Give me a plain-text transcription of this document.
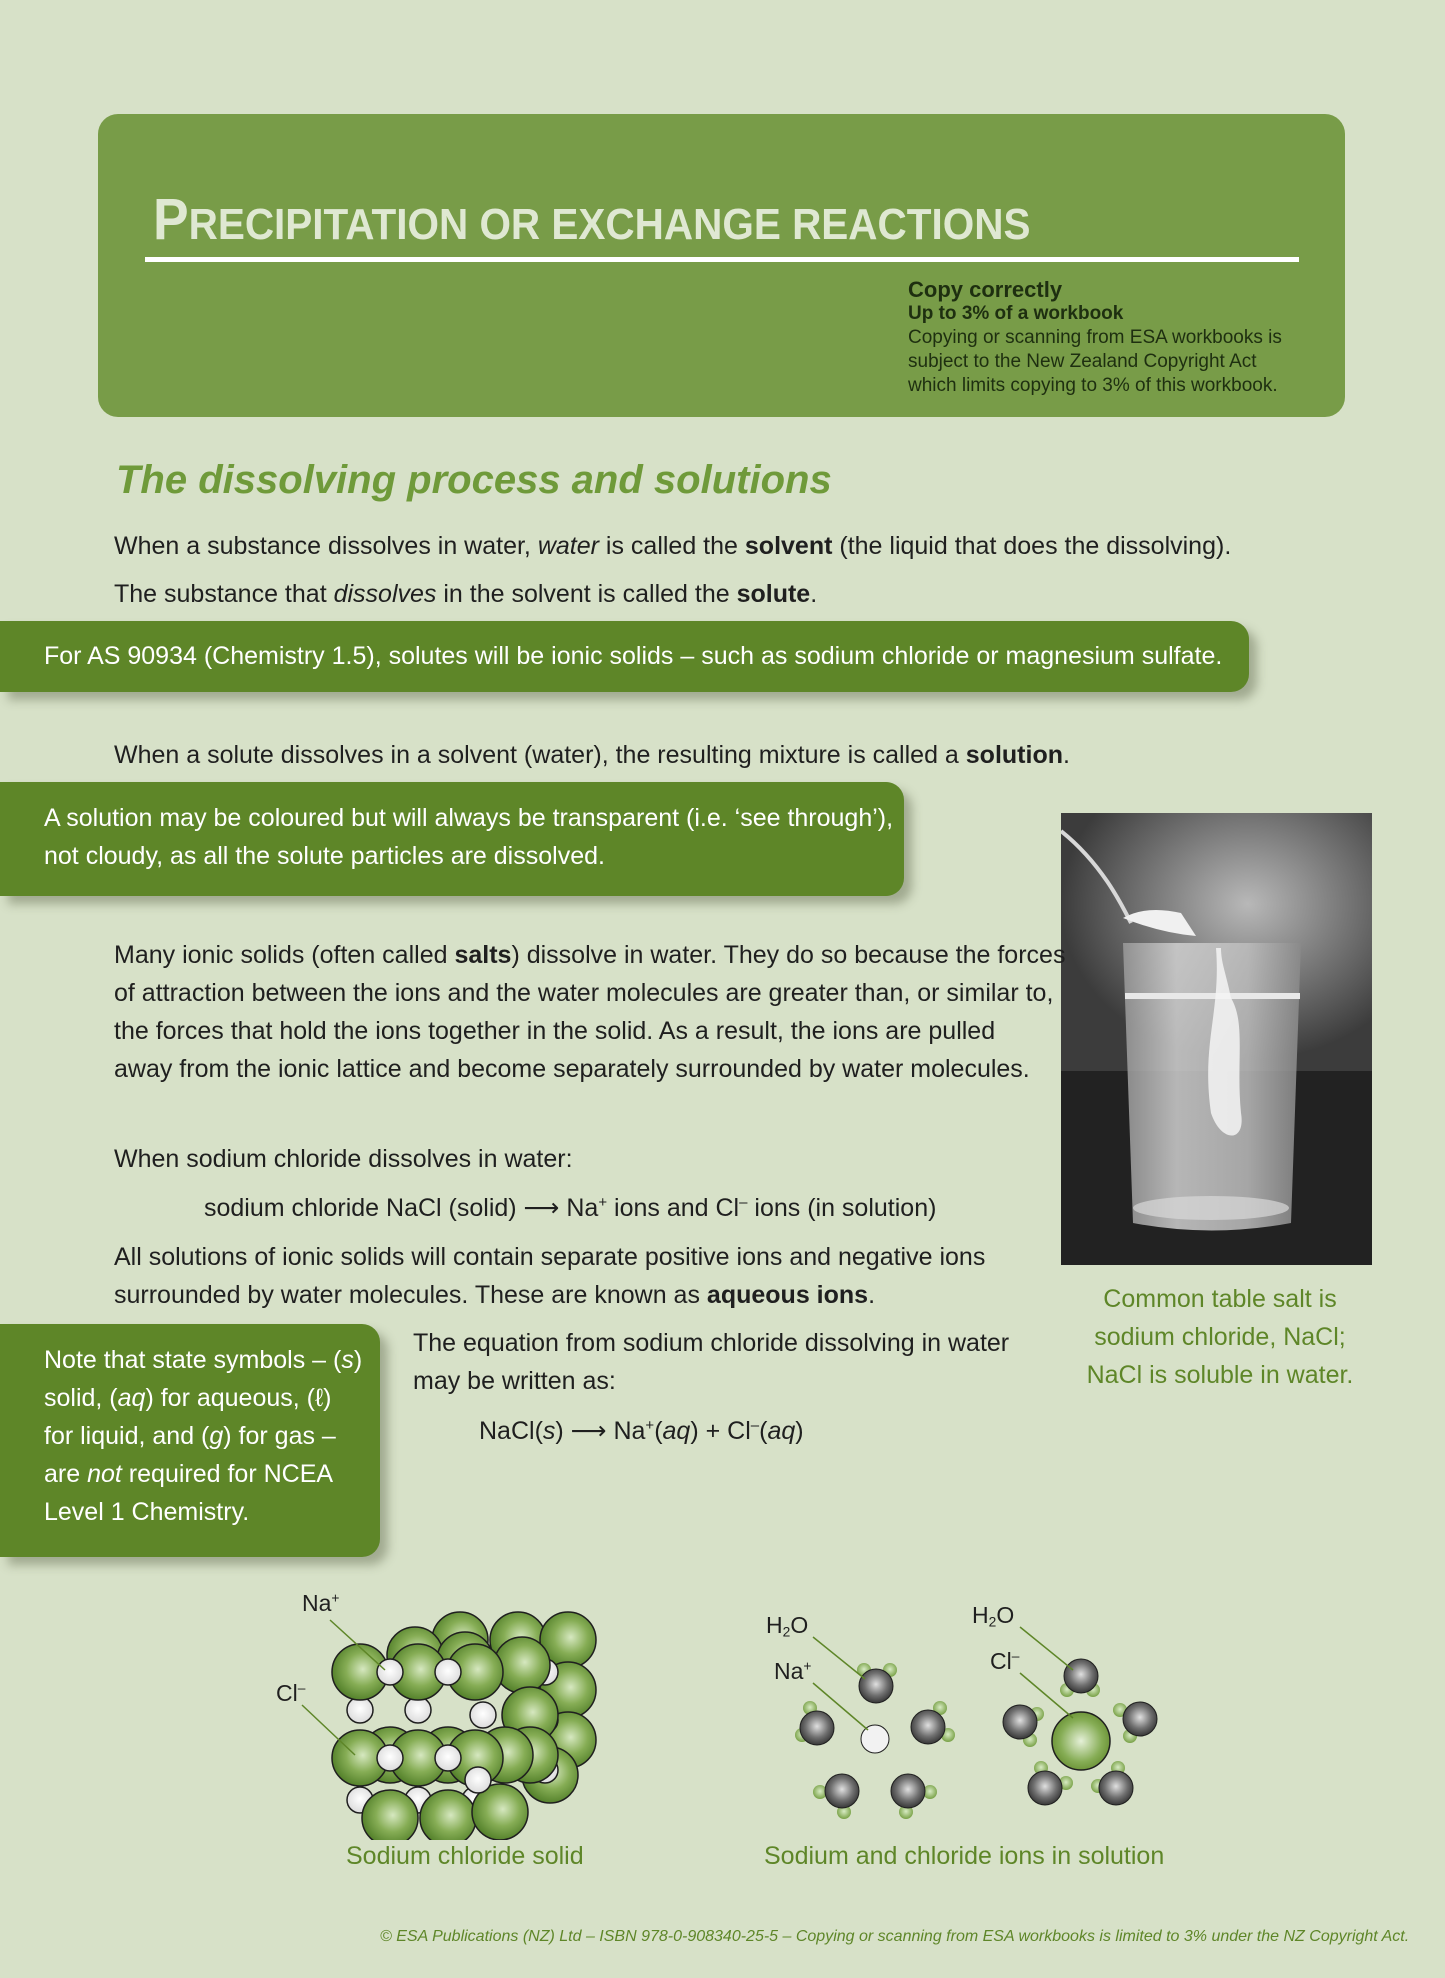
PRECIPITATION OR EXCHANGE REACTIONS
Copy correctly
Up to 3% of a workbook
Copying or scanning from ESA workbooks is
subject to the New Zealand Copyright Act
which limits copying to 3% of this workbook.
The dissolving process and solutions
When a substance dissolves in water, water is called the solvent (the liquid that does the dissolving).
The substance that dissolves in the solvent is called the solute.
For AS 90934 (Chemistry 1.5), solutes will be ionic solids – such as sodium chloride or magnesium sulfate.
When a solute dissolves in a solvent (water), the resulting mixture is called a solution.
A solution may be coloured but will always be transparent (i.e. ‘see through’),
not cloudy, as all the solute particles are dissolved.
Common table salt is
sodium chloride, NaCl;
NaCl is soluble in water.
Many ionic solids (often called salts) dissolve in water. They do so because the forces
of attraction between the ions and the water molecules are greater than, or similar to,
the forces that hold the ions together in the solid. As a result, the ions are pulled
away from the ionic lattice and become separately surrounded by water molecules.
When sodium chloride dissolves in water:
sodium chloride NaCl (solid) ⟶ Na+ ions and Cl– ions (in solution)
All solutions of ionic solids will contain separate positive ions and negative ions
surrounded by water molecules. These are known as aqueous ions.
Note that state symbols – (s)
solid, (aq) for aqueous, (ℓ)
for liquid, and (g) for gas –
are not required for NCEA
Level 1 Chemistry.
The equation from sodium chloride dissolving in water
may be written as:
NaCl(s) ⟶ Na+(aq) + Cl–(aq)
Na+
Cl–
Sodium chloride solid
$H_2O$
Na+
$H_2O$
Cl–
Sodium and chloride ions in solution
© ESA Publications (NZ) Ltd – ISBN 978-0-908340-25-5 – Copying or scanning from ESA workbooks is limited to 3% under the NZ Copyright Act.
